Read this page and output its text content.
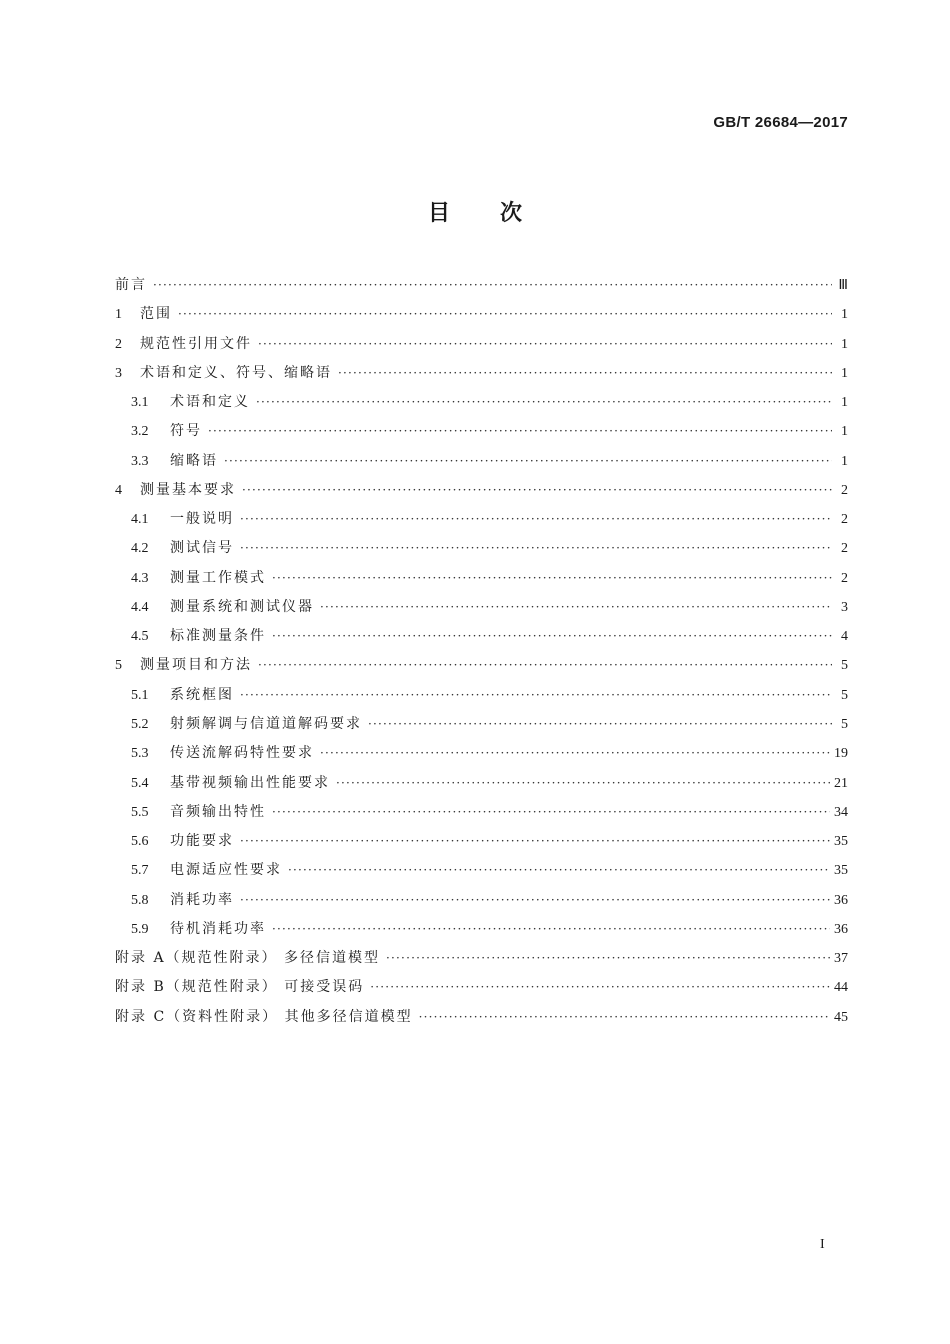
GB/T 26684—2017
目次
前言 ·····	Ⅲ
1	范围 ·····	1
2	规范性引用文件 ·····	1
3	术语和定义、符号、缩略语 ·····	1
3.1	术语和定义 ·····	1
3.2	符号 ·····	1
3.3	缩略语 ·····	1
4	测量基本要求 ·····	2
4.1	一般说明 ·····	2
4.2	测试信号 ·····	2
4.3	测量工作模式 ·····	2
4.4	测量系统和测试仪器 ·····	3
4.5	标准测量条件 ·····	4
5	测量项目和方法 ·····	5
5.1	系统框图 ·····	5
5.2	射频解调与信道道解码要求 ·····	5
5.3	传送流解码特性要求 ·····	19
5.4	基带视频输出性能要求 ·····	21
5.5	音频输出特性 ·····	34
5.6	功能要求 ·····	35
5.7	电源适应性要求 ·····	35
5.8	消耗功率 ·····	36
5.9	待机消耗功率 ·····	36
附录 A（规范性附录） 多径信道模型 ·····	37
附录 B（规范性附录） 可接受误码 ·····	44
附录 C（资料性附录） 其他多径信道模型 ·····	45
I
